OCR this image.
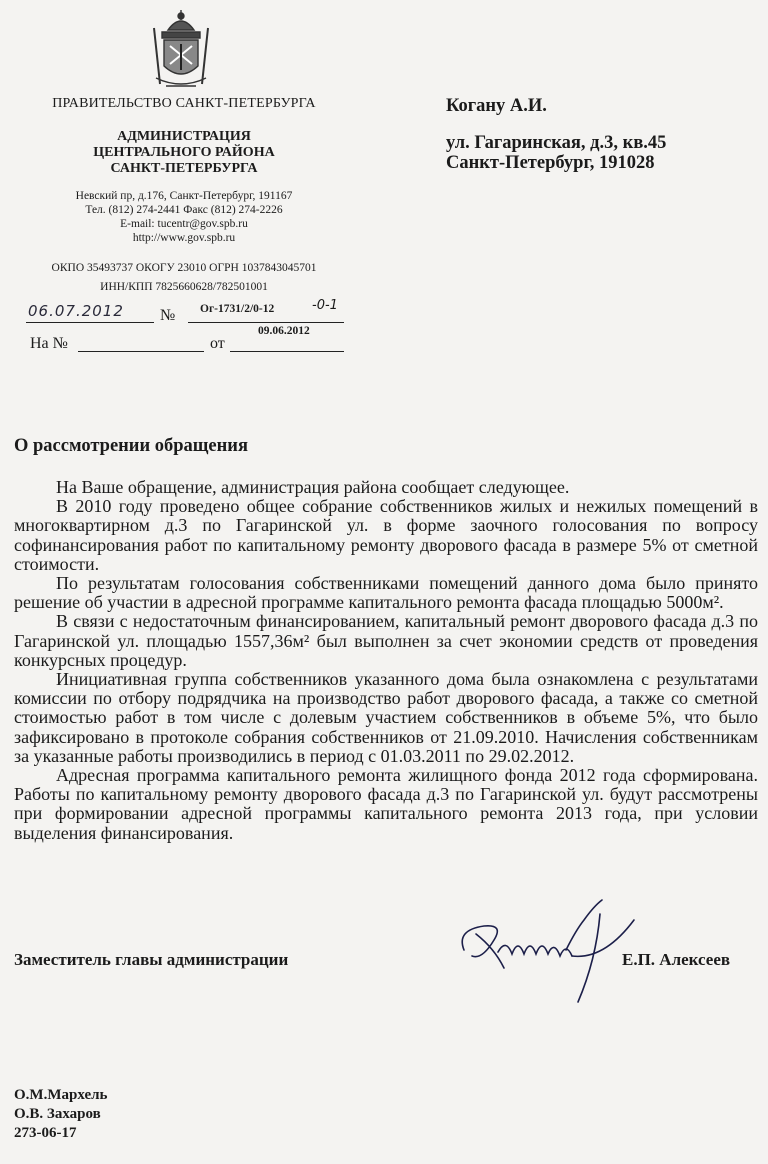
ПРАВИТЕЛЬСТВО САНКТ-ПЕТЕРБУРГА
АДМИНИСТРАЦИЯ
ЦЕНТРАЛЬНОГО РАЙОНА
САНКТ-ПЕТЕРБУРГА
Невский пр, д.176, Санкт-Петербург, 191167
Тел. (812) 274-2441 Факс (812) 274-2226
E-mail: tucentr@gov.spb.ru
http://www.gov.spb.ru
ОКПО 35493737 ОКОГУ 23010 ОГРН 1037843045701
ИНН/КПП 7825660628/782501001
Когану А.И.
ул. Гагаринская, д.3, кв.45
Санкт-Петербург, 191028
06.07.2012 № Ог-1731/2/0-12	-0-1
09.06.2012
На №	от
О рассмотрении обращения

На Ваше обращение, администрация района сообщает следующее.

В 2010 году проведено общее собрание собственников жилых и нежилых помещений в многоквартирном д.3 по Гагаринской ул. в форме заочного голосования по вопросу софинансирования работ по капитальному ремонту дворового фасада в размере 5% от сметной стоимости.

По результатам голосования собственниками помещений данного дома было принято решение об участии в адресной программе капитального ремонта фасада площадью 5000м².

В связи с недостаточным финансированием, капитальный ремонт дворового фасада д.3 по Гагаринской ул. площадью 1557,36м² был выполнен за счет экономии средств от проведения конкурсных процедур.

Инициативная группа собственников указанного дома была ознакомлена с результатами комиссии по отбору подрядчика на производство работ дворового фасада, а также со сметной стоимостью работ в том числе с долевым участием собственников в объеме 5%, что было зафиксировано в протоколе собрания собственников от 21.09.2010. Начисления собственникам за указанные работы производились в период с 01.03.2011 по 29.02.2012.

Адресная программа капитального ремонта жилищного фонда 2012 года сформирована. Работы по капитальному ремонту дворового фасада д.3 по Гагаринской ул. будут рассмотрены при формировании адресной программы капитального ремонта 2013 года, при условии выделения финансирования.

Заместитель главы администрации	Е.П. Алексеев
О.М.Мархель
О.В. Захаров
273-06-17
